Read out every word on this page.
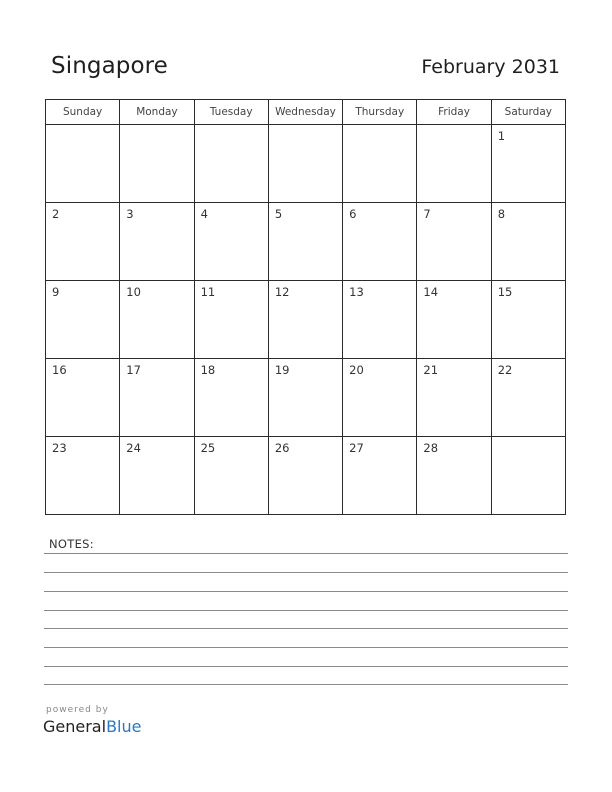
Singapore	February 2031
Sunday	Monday	Tuesday	Wednesday	Thursday	Friday	Saturday

						1

2	3	4	5	6	7	8

9	10	11	12	13	14	15

16	17	18	19	20	21	22

23	24	25	26	27	28	

NOTES:
powered by
GeneralBlue
